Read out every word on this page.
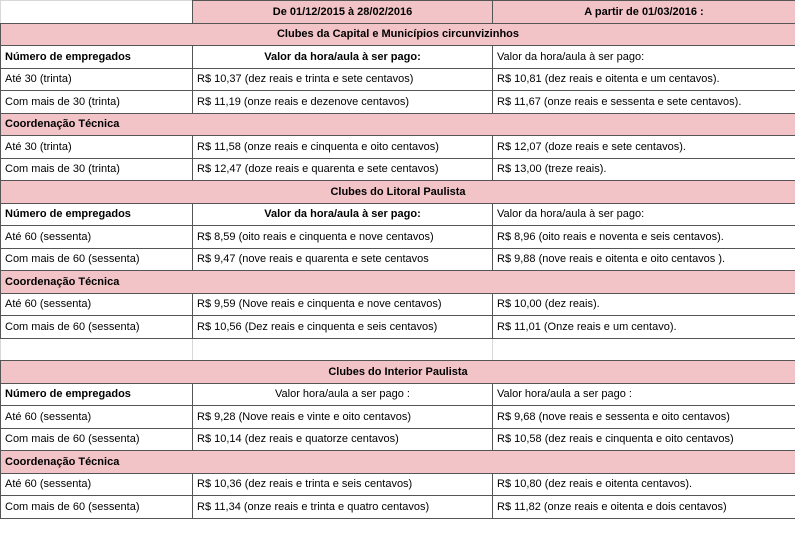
	De 01/12/2015 à 28/02/2016	A partir de 01/03/2016 :
Clubes da Capital e Municípios circunvizinhos		
Número de empregados	Valor da hora/aula à ser pago:	Valor da hora/aula à ser pago:
Até 30 (trinta)	R$ 10,37 (dez reais e trinta e sete centavos)	R$ 10,81 (dez reais e oitenta e um centavos).
Com mais de 30 (trinta)	R$ 11,19 (onze reais e dezenove centavos)	R$ 11,67 (onze reais e sessenta e sete centavos).
Coordenação Técnica		
Até 30 (trinta)	R$ 11,58 (onze reais e cinquenta e oito centavos)	R$ 12,07 (doze reais e sete centavos).
Com mais de 30 (trinta)	R$ 12,47 (doze reais e quarenta e sete centavos)	R$ 13,00 (treze reais).
Clubes do Litoral Paulista		
Número de empregados	Valor da hora/aula à ser pago:	Valor da hora/aula à ser pago:
Até 60 (sessenta)	R$ 8,59 (oito reais e cinquenta e nove centavos)	R$ 8,96 (oito reais e noventa e seis centavos).
Com mais de 60 (sessenta)	R$ 9,47 (nove reais e quarenta e sete centavos	R$ 9,88 (nove reais e oitenta e oito centavos ).
Coordenação Técnica		
Até 60 (sessenta)	R$ 9,59 (Nove reais e cinquenta e nove centavos)	R$ 10,00 (dez reais).
Com mais de 60 (sessenta)	R$ 10,56 (Dez reais e cinquenta e seis centavos)	R$ 11,01 (Onze reais e um centavo).

Clubes do Interior Paulista		
Número de empregados	Valor hora/aula a ser pago :	Valor hora/aula a ser pago :
Até 60 (sessenta)	R$ 9,28 (Nove reais e vinte e oito centavos)	R$ 9,68 (nove reais e sessenta e oito centavos)
Com mais de 60 (sessenta)	R$ 10,14 (dez reais e quatorze centavos)	R$ 10,58 (dez reais e cinquenta e oito centavos)
Coordenação Técnica		
Até 60 (sessenta)	R$ 10,36 (dez reais e trinta e seis centavos)	R$ 10,80 (dez reais e oitenta centavos).
Com mais de 60 (sessenta)	R$ 11,34 (onze reais e trinta e quatro centavos)	R$ 11,82 (onze reais e oitenta e dois centavos)
